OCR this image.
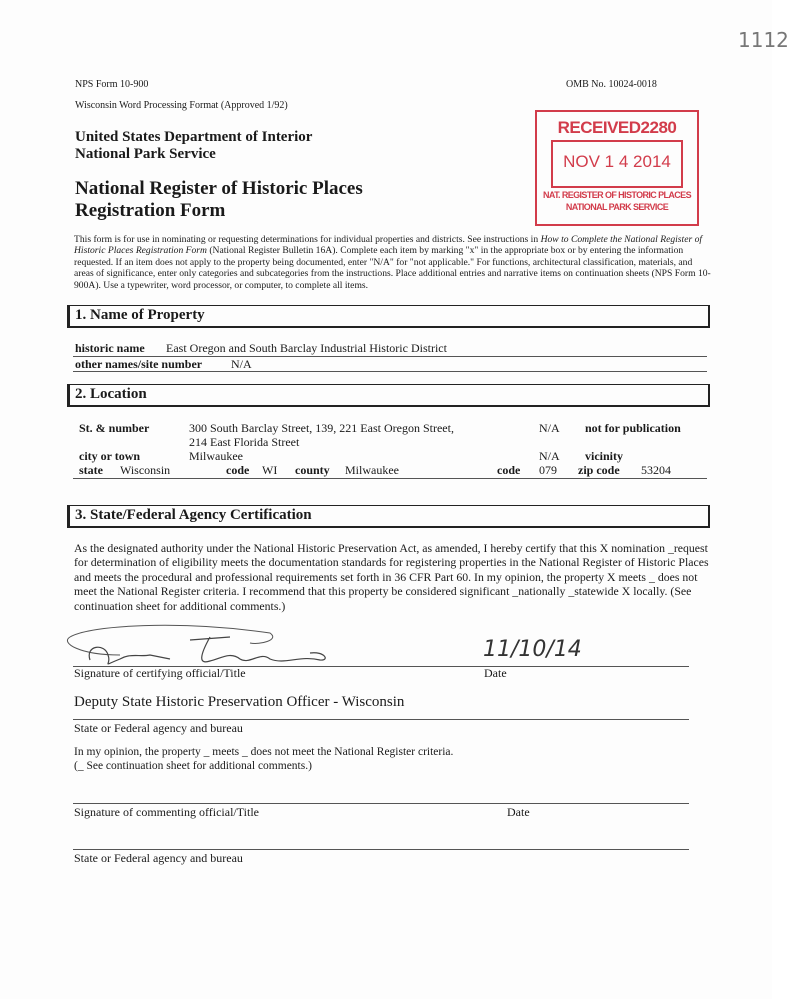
1112
NPS Form 10-900	OMB No. 10024-0018
Wisconsin Word Processing Format (Approved 1/92)
United States Department of Interior
National Park Service
National Register of Historic Places
Registration Form
RECEIVED2280
NOV 1 4 2014
NAT. REGISTER OF HISTORIC PLACES
NATIONAL PARK SERVICE
This form is for use in nominating or requesting determinations for individual properties and districts. See instructions in How to Complete the National Register of Historic Places Registration Form (National Register Bulletin 16A). Complete each item by marking "x" in the appropriate box or by entering the information requested. If an item does not apply to the property being documented, enter "N/A" for "not applicable." For functions, architectural classification, materials, and areas of significance, enter only categories and subcategories from the instructions. Place additional entries and narrative items on continuation sheets (NPS Form 10-900A). Use a typewriter, word processor, or computer, to complete all items.
1. Name of Property
historic name East Oregon and South Barclay Industrial Historic District
other names/site number N/A
2. Location
St. & number	300 South Barclay Street, 139, 221 East Oregon Street,
214 East Florida Street
N/A not for publication
city or town	Milwaukee	N/A vicinity
state Wisconsin	code WI county Milwaukee	code 079 zip code 53204
3. State/Federal Agency Certification
As the designated authority under the National Historic Preservation Act, as amended, I hereby certify that this X nomination _request for determination of eligibility meets the documentation standards for registering properties in the National Register of Historic Places and meets the procedural and professional requirements set forth in 36 CFR Part 60. In my opinion, the property X meets _ does not meet the National Register criteria. I recommend that this property be considered significant _nationally _statewide X locally. (See continuation sheet for additional comments.)
11/10/14
Signature of certifying official/Title	Date
Deputy State Historic Preservation Officer - Wisconsin
State or Federal agency and bureau
In my opinion, the property _ meets _ does not meet the National Register criteria.
(_ See continuation sheet for additional comments.)
Signature of commenting official/Title	Date
State or Federal agency and bureau
